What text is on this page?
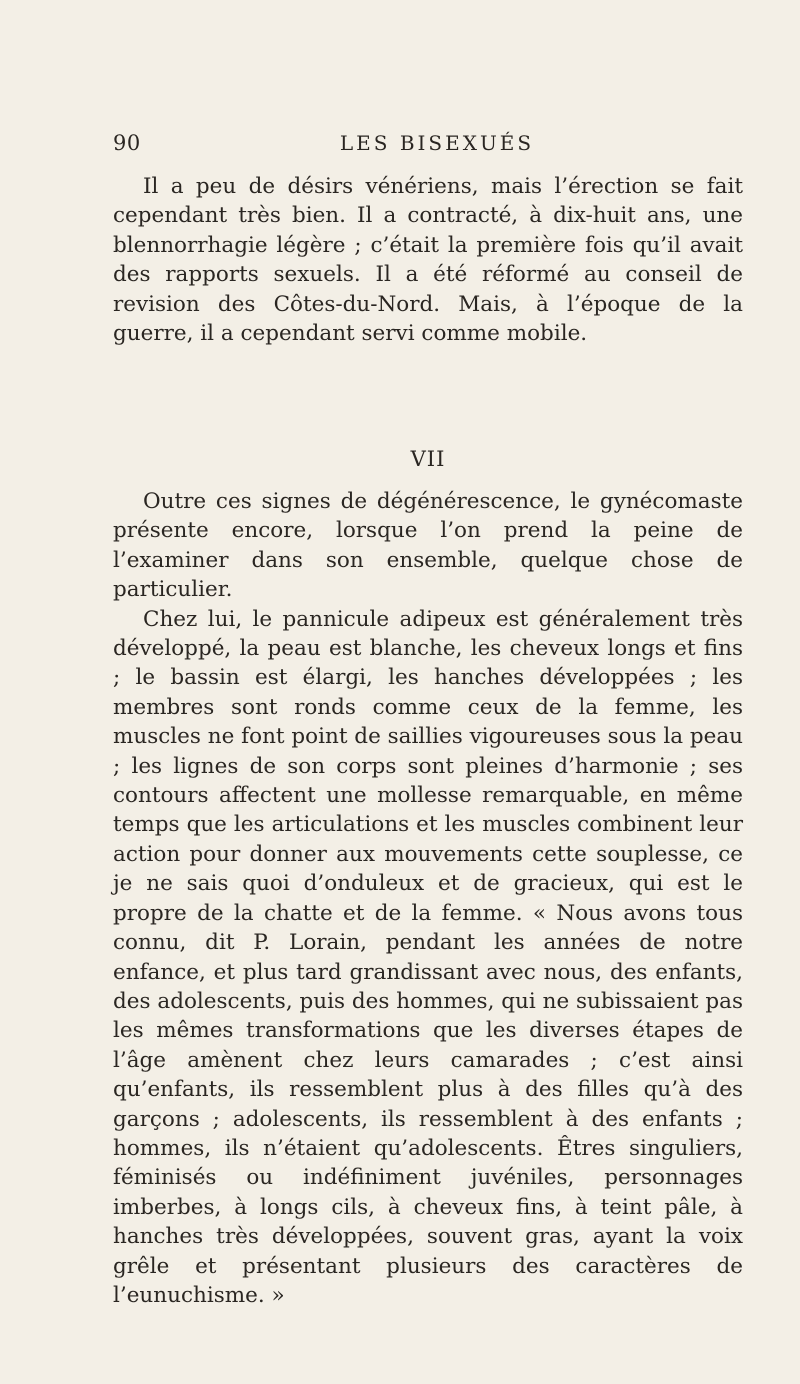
90	LES BISEXUÉS

Il a peu de désirs vénériens, mais l’érection se fait cependant très bien. Il a contracté, à dix-huit ans, une blennorrhagie légère ; c’était la première fois qu’il avait des rapports sexuels. Il a été réformé au conseil de revision des Côtes-du-Nord. Mais, à l’époque de la guerre, il a cependant servi comme mobile.

VII

Outre ces signes de dégénérescence, le gynécomaste présente encore, lorsque l’on prend la peine de l’examiner dans son ensemble, quelque chose de particulier.

Chez lui, le pannicule adipeux est généralement très développé, la peau est blanche, les cheveux longs et fins ; le bassin est élargi, les hanches développées ; les membres sont ronds comme ceux de la femme, les muscles ne font point de saillies vigoureuses sous la peau ; les lignes de son corps sont pleines d’harmonie ; ses contours affectent une mollesse remarquable, en même temps que les articulations et les muscles combinent leur action pour donner aux mouvements cette souplesse, ce je ne sais quoi d’onduleux et de gracieux, qui est le propre de la chatte et de la femme. « Nous avons tous connu, dit P. Lorain, pendant les années de notre enfance, et plus tard grandissant avec nous, des enfants, des adolescents, puis des hommes, qui ne subissaient pas les mêmes transformations que les diverses étapes de l’âge amènent chez leurs camarades ; c’est ainsi qu’enfants, ils ressemblent plus à des filles qu’à des garçons ; adolescents, ils ressemblent à des enfants ; hommes, ils n’étaient qu’adolescents. Êtres singuliers, féminisés ou indéfiniment juvéniles, personnages imberbes, à longs cils, à cheveux fins, à teint pâle, à hanches très développées, souvent gras, ayant la voix grêle et présentant plusieurs des caractères de l’eunuchisme. »
